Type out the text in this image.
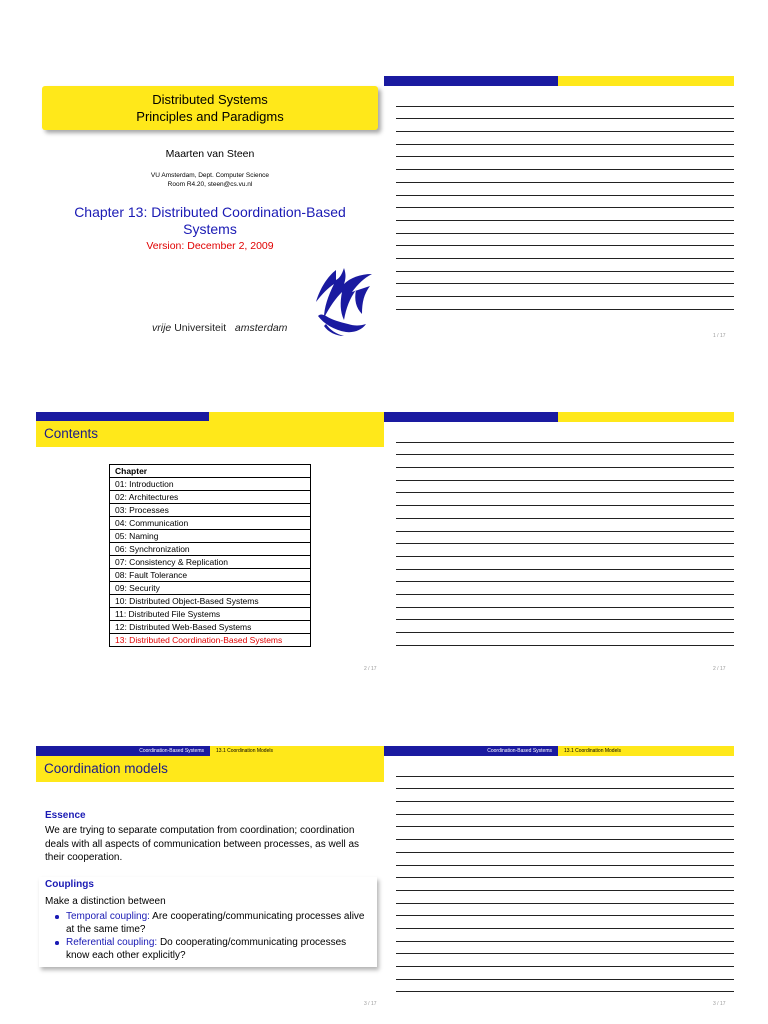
Distributed Systems
Principles and Paradigms
Maarten van Steen
VU Amsterdam, Dept. Computer Science
Room R4.20, steen@cs.vu.nl
Chapter 13: Distributed Coordination-Based
Systems
Version: December 2, 2009
vrije Universiteit amsterdam
1 / 17
Contents
Chapter
01: Introduction
02: Architectures
03: Processes
04: Communication
05: Naming
06: Synchronization
07: Consistency & Replication
08: Fault Tolerance
09: Security
10: Distributed Object-Based Systems
11: Distributed File Systems
12: Distributed Web-Based Systems
13: Distributed Coordination-Based Systems
2 / 17	2 / 17
Coordination-Based Systems	13.1 Coordination Models
Coordination models
Essence
We are trying to separate computation from coordination; coordination deals with all aspects of communication between processes, as well as their cooperation.
Couplings
Make a distinction between
Temporal coupling: Are cooperating/communicating processes alive at the same time?
Referential coupling: Do cooperating/communicating processes know each other explicitly?
3 / 17
Coordination-Based Systems	13.1 Coordination Models
3 / 17
